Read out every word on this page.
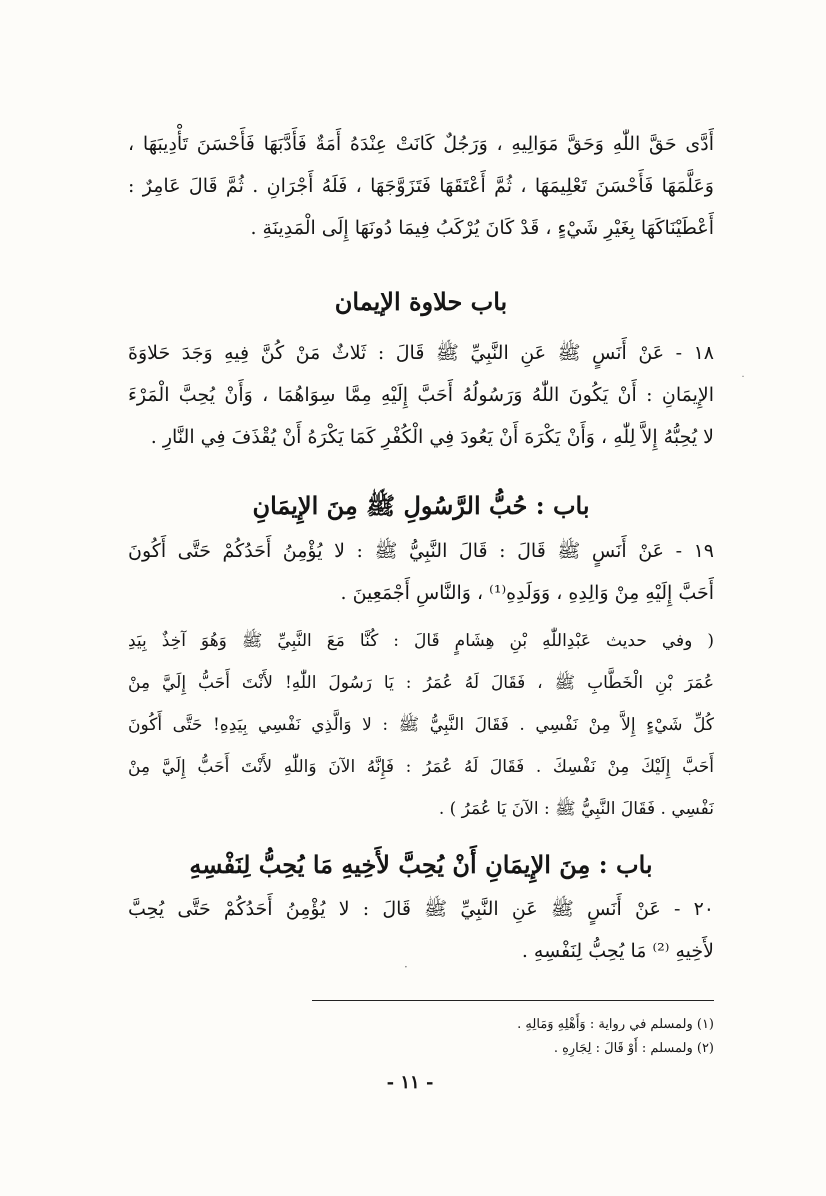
أَدَّى حَقَّ اللّٰهِ وَحَقَّ مَوَالِيهِ ، وَرَجُلٌ كَانَتْ عِنْدَهُ أَمَةٌ فَأَدَّبَهَا فَأَحْسَنَ تَأْدِيبَهَا ،
وَعَلَّمَهَا فَأَحْسَنَ تَعْلِيمَهَا ، ثُمَّ أَعْتَقَهَا فَتَزَوَّجَهَا ، فَلَهُ أَجْرَانِ . ثُمَّ قَالَ عَامِرٌ :
أَعْطَيْنَاكَهَا بِغَيْرِ شَيْءٍ ، قَدْ كَانَ يُرْكَبُ فِيمَا دُونَهَا إِلَى الْمَدِينَةِ .
باب حلاوة الإيمان
١٨ - عَنْ أَنَسٍ ﷺ عَنِ النَّبِيِّ ﷺ قَالَ : ثَلاثٌ مَنْ كُنَّ فِيهِ وَجَدَ حَلاوَةَ
الإِيمَانِ : أَنْ يَكُونَ اللّٰهُ وَرَسُولُهُ أَحَبَّ إِلَيْهِ مِمَّا سِوَاهُمَا ، وَأَنْ يُحِبَّ الْمَرْءَ
لا يُحِبُّهُ إِلاَّ لِلّٰهِ ، وَأَنْ يَكْرَهَ أَنْ يَعُودَ فِي الْكُفْرِ كَمَا يَكْرَهُ أَنْ يُقْذَفَ فِي النَّارِ .
باب : حُبُّ الرَّسُولِ ﷺ مِنَ الإِيمَانِ
١٩ - عَنْ أَنَسٍ ﷺ قَالَ : قَالَ النَّبِيُّ ﷺ : لا يُؤْمِنُ أَحَدُكُمْ حَتَّى أَكُونَ
أَحَبَّ إِلَيْهِ مِنْ وَالِدِهِ ، وَوَلَدِهِ⁽¹⁾ ، وَالنَّاسِ أَجْمَعِينَ .
( وفي حديث عَبْدِاللّٰهِ بْنِ هِشَامٍ قَالَ : كُنَّا مَعَ النَّبِيِّ ﷺ وَهُوَ آخِذٌ بِيَدِ
عُمَرَ بْنِ الْخَطَّابِ ﷺ ، فَقَالَ لَهُ عُمَرُ : يَا رَسُولَ اللّٰهِ! لأَنْتَ أَحَبُّ إِلَيَّ مِنْ
كُلِّ شَيْءٍ إِلاَّ مِنْ نَفْسِي . فَقَالَ النَّبِيُّ ﷺ : لا وَالَّذِي نَفْسِي بِيَدِهِ! حَتَّى أَكُونَ
أَحَبَّ إِلَيْكَ مِنْ نَفْسِكَ . فَقَالَ لَهُ عُمَرُ : فَإِنَّهُ الآنَ وَاللّٰهِ لأَنْتَ أَحَبُّ إِلَيَّ مِنْ
نَفْسِي . فَقَالَ النَّبِيُّ ﷺ : الآنَ يَا عُمَرُ ) .
باب : مِنَ الإِيمَانِ أَنْ يُحِبَّ لأَخِيهِ مَا يُحِبُّ لِنَفْسِهِ
٢٠ - عَنْ أَنَسٍ ﷺ عَنِ النَّبِيِّ ﷺ قَالَ : لا يُؤْمِنُ أَحَدُكُمْ حَتَّى يُحِبَّ
لأَخِيهِ ⁽²⁾ مَا يُحِبُّ لِنَفْسِهِ .
(١) ولمسلم في رواية : وَأَهْلِهِ وَمَالِهِ .
(٢) ولمسلم : أَوْ قَالَ : لِجَارِهِ .
- ١١ -
˙
·
